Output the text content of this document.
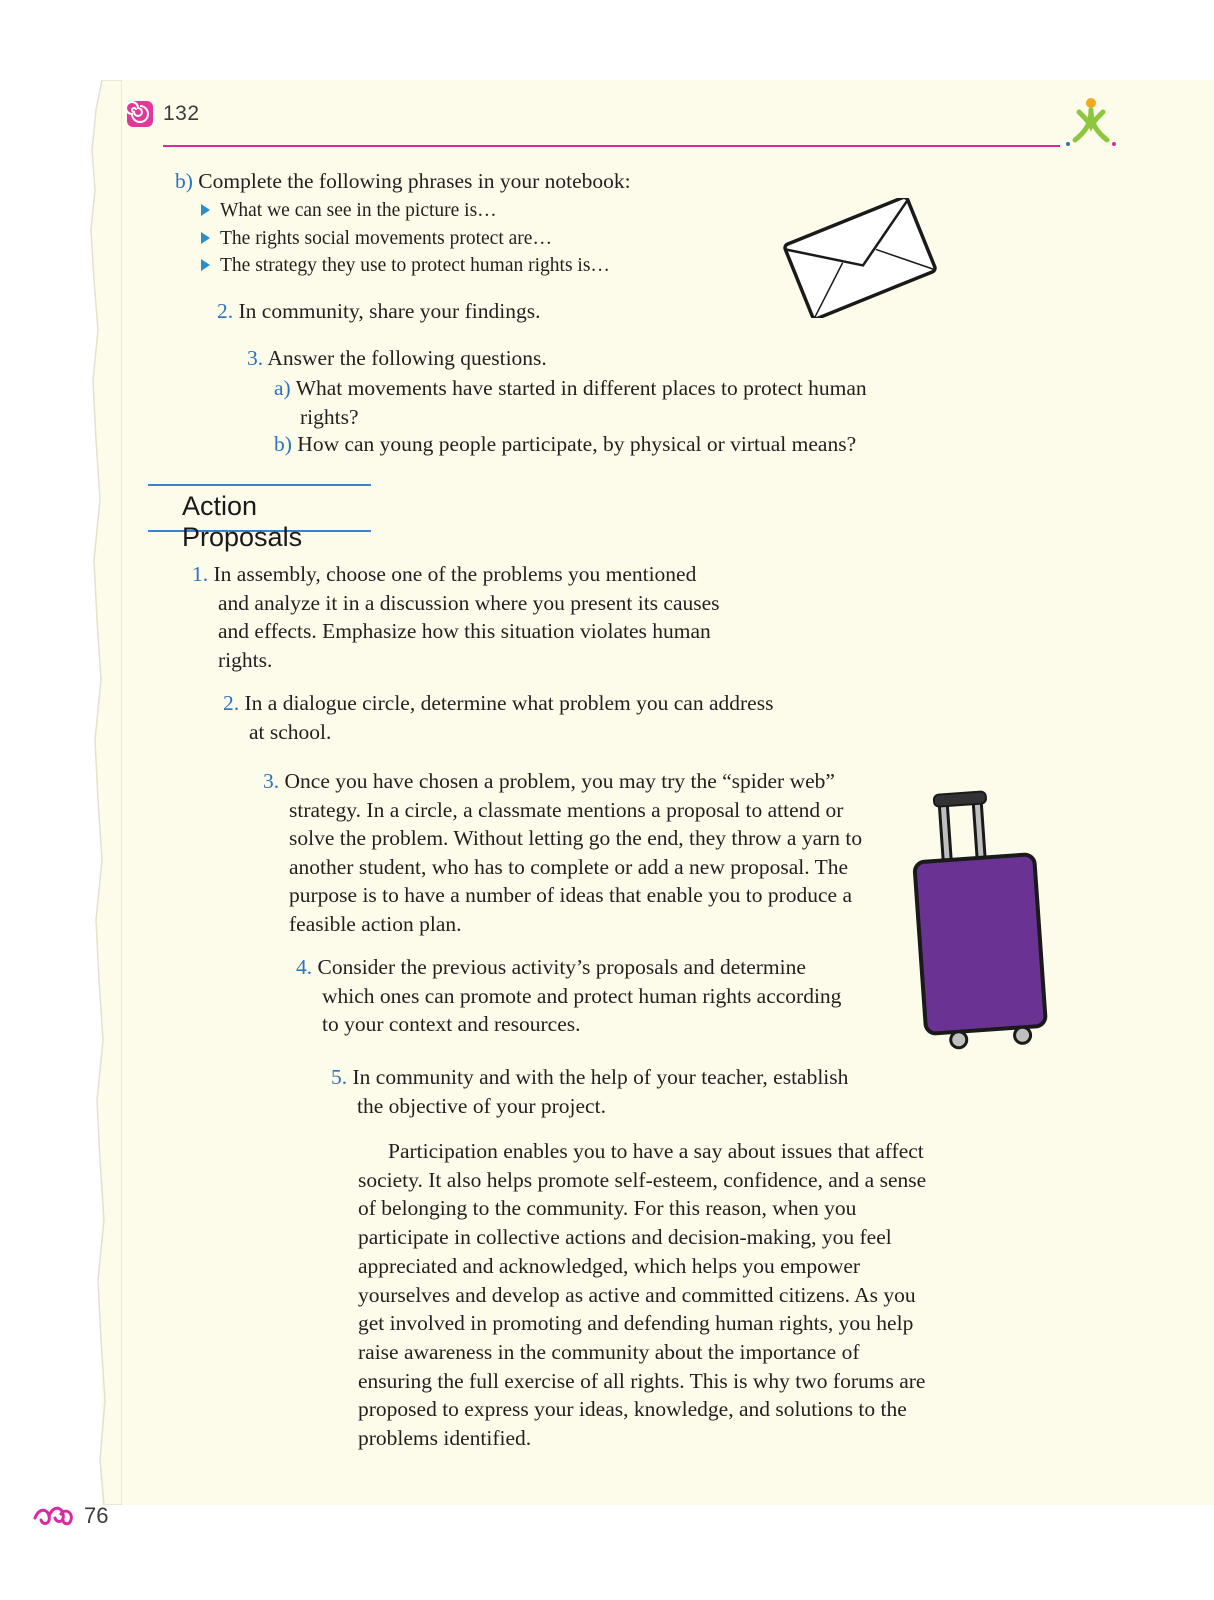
132

b) Complete the following phrases in your notebook:

What we can see in the picture is…
The rights social movements protect are…
The strategy they use to protect human rights is…

2. In community, share your findings.

3. Answer the following questions.

a) What movements have started in different places to protect human rights?

b) How can young people participate, by physical or virtual means?

Action Proposals

1. In assembly, choose one of the problems you mentioned and analyze it in a discussion where you present its causes and effects. Emphasize how this situation violates human rights.

2. In a dialogue circle, determine what problem you can address at school.

3. Once you have chosen a problem, you may try the “spider web” strategy. In a circle, a classmate mentions a proposal to attend or solve the problem. Without letting go the end, they throw a yarn to another student, who has to complete or add a new proposal. The purpose is to have a number of ideas that enable you to produce a feasible action plan.

4. Consider the previous activity’s proposals and determine which ones can promote and protect human rights according to your context and resources.

5. In community and with the help of your teacher, establish the objective of your project.

Participation enables you to have a say about issues that affect society. It also helps promote self-esteem, confidence, and a sense of belonging to the community. For this reason, when you participate in collective actions and decision-making, you feel appreciated and acknowledged, which helps you empower yourselves and develop as active and committed citizens. As you get involved in promoting and defending human rights, you help raise awareness in the community about the importance of ensuring the full exercise of all rights. This is why two forums are proposed to express your ideas, knowledge, and solutions to the problems identified.

76
